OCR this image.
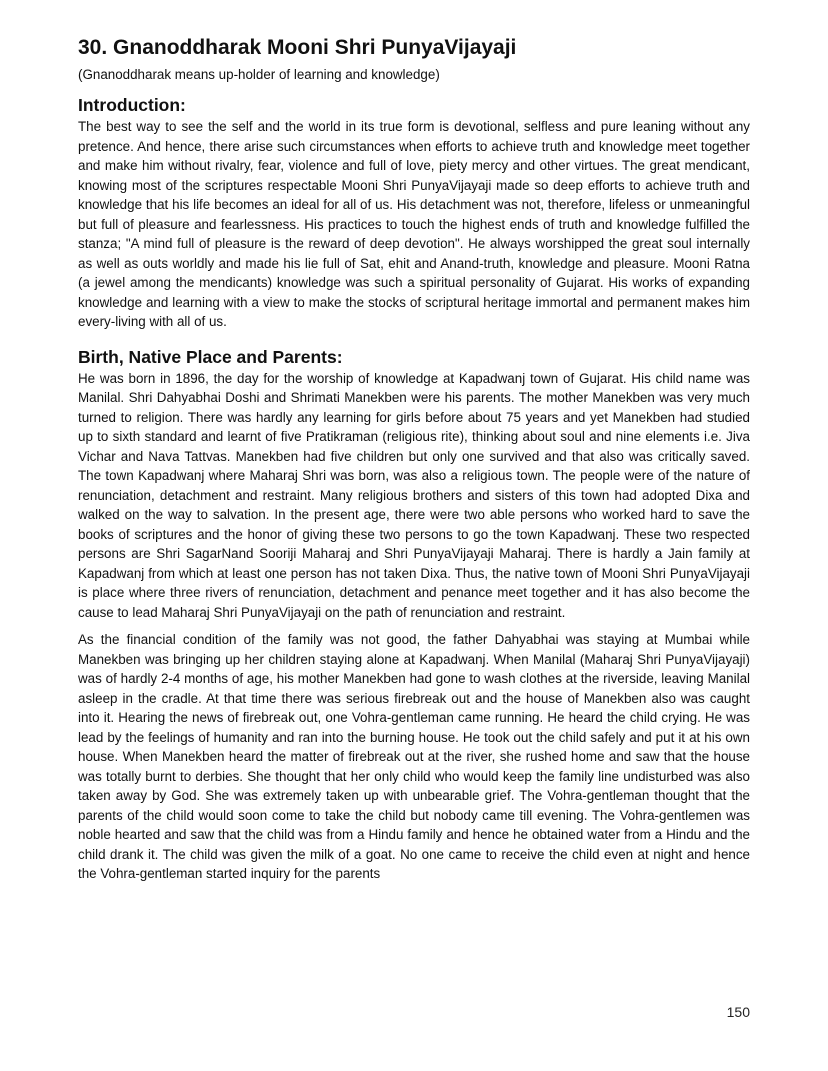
30. Gnanoddharak Mooni Shri PunyaVijayaji

(Gnanoddharak means up-holder of learning and knowledge)

Introduction:

The best way to see the self and the world in its true form is devotional, selfless and pure leaning without any pretence. And hence, there arise such circumstances when efforts to achieve truth and knowledge meet together and make him without rivalry, fear, violence and full of love, piety mercy and other virtues. The great mendicant, knowing most of the scriptures respectable Mooni Shri PunyaVijayaji made so deep efforts to achieve truth and knowledge that his life becomes an ideal for all of us. His detachment was not, therefore, lifeless or unmeaningful but full of pleasure and fearlessness. His practices to touch the highest ends of truth and knowledge fulfilled the stanza; "A mind full of pleasure is the reward of deep devotion". He always worshipped the great soul internally as well as outs worldly and made his lie full of Sat, ehit and Anand-truth, knowledge and pleasure. Mooni Ratna (a jewel among the mendicants) knowledge was such a spiritual personality of Gujarat. His works of expanding knowledge and learning with a view to make the stocks of scriptural heritage immortal and permanent makes him every-living with all of us.

Birth, Native Place and Parents:

He was born in 1896, the day for the worship of knowledge at Kapadwanj town of Gujarat. His child name was Manilal. Shri Dahyabhai Doshi and Shrimati Manekben were his parents. The mother Manekben was very much turned to religion. There was hardly any learning for girls before about 75 years and yet Manekben had studied up to sixth standard and learnt of five Pratikraman (religious rite), thinking about soul and nine elements i.e. Jiva Vichar and Nava Tattvas. Manekben had five children but only one survived and that also was critically saved. The town Kapadwanj where Maharaj Shri was born, was also a religious town. The people were of the nature of renunciation, detachment and restraint. Many religious brothers and sisters of this town had adopted Dixa and walked on the way to salvation. In the present age, there were two able persons who worked hard to save the books of scriptures and the honor of giving these two persons to go the town Kapadwanj. These two respected persons are Shri SagarNand Sooriji Maharaj and Shri PunyaVijayaji Maharaj. There is hardly a Jain family at Kapadwanj from which at least one person has not taken Dixa. Thus, the native town of Mooni Shri PunyaVijayaji is place where three rivers of renunciation, detachment and penance meet together and it has also become the cause to lead Maharaj Shri PunyaVijayaji on the path of renunciation and restraint.

As the financial condition of the family was not good, the father Dahyabhai was staying at Mumbai while Manekben was bringing up her children staying alone at Kapadwanj. When Manilal (Maharaj Shri PunyaVijayaji) was of hardly 2-4 months of age, his mother Manekben had gone to wash clothes at the riverside, leaving Manilal asleep in the cradle. At that time there was serious firebreak out and the house of Manekben also was caught into it. Hearing the news of firebreak out, one Vohra-gentleman came running. He heard the child crying. He was lead by the feelings of humanity and ran into the burning house. He took out the child safely and put it at his own house. When Manekben heard the matter of firebreak out at the river, she rushed home and saw that the house was totally burnt to derbies. She thought that her only child who would keep the family line undisturbed was also taken away by God. She was extremely taken up with unbearable grief. The Vohra-gentleman thought that the parents of the child would soon come to take the child but nobody came till evening. The Vohra-gentlemen was noble hearted and saw that the child was from a Hindu family and hence he obtained water from a Hindu and the child drank it. The child was given the milk of a goat. No one came to receive the child even at night and hence the Vohra-gentleman started inquiry for the parents

150
